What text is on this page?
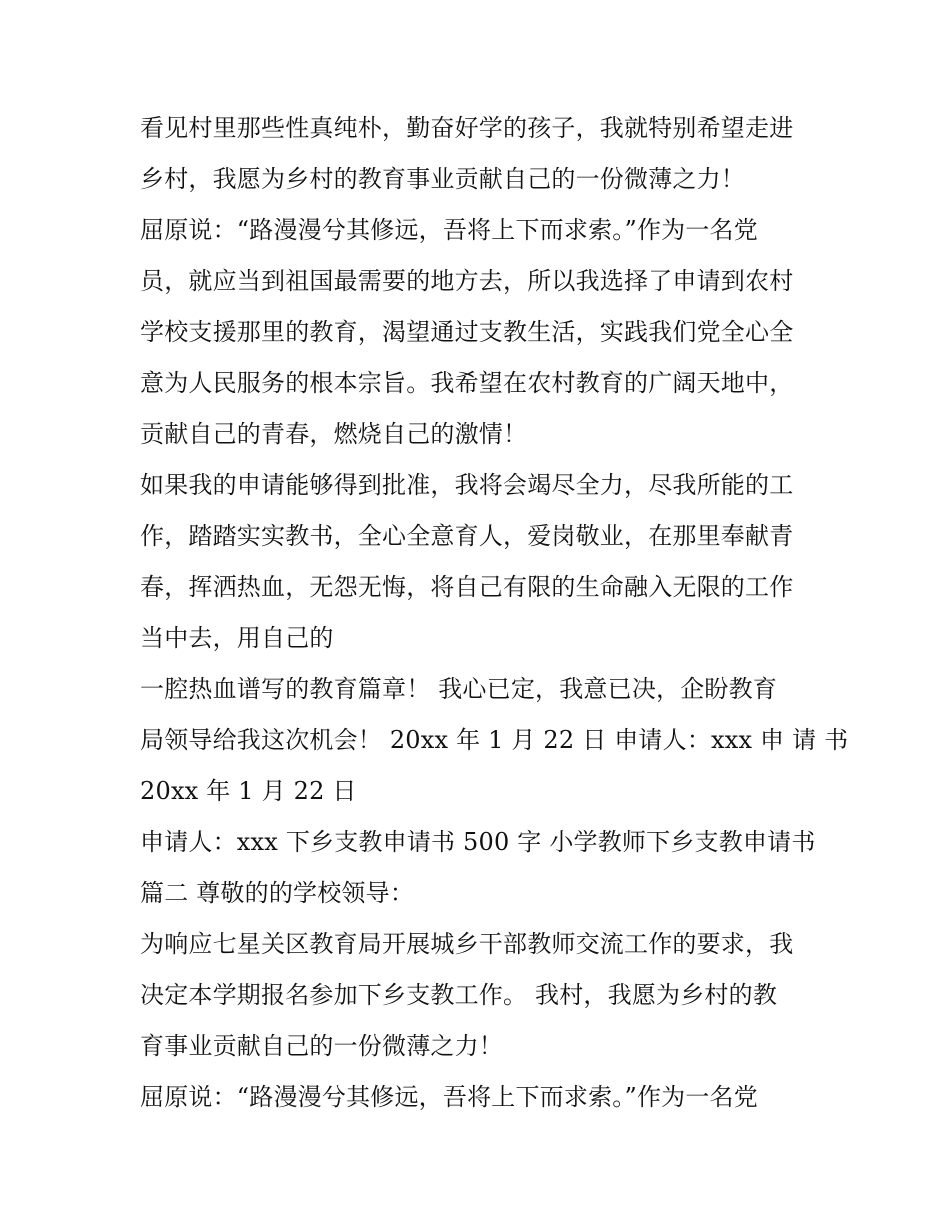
看见村里那些性真纯朴，勤奋好学的孩子，我就特别希望走进
乡村，我愿为乡村的教育事业贡献自己的一份微薄之力！
屈原说：“路漫漫兮其修远，吾将上下而求索。”作为一名党
员，就应当到祖国最需要的地方去，所以我选择了申请到农村
学校支援那里的教育，渴望通过支教生活，实践我们党全心全
意为人民服务的根本宗旨。我希望在农村教育的广阔天地中，
贡献自己的青春，燃烧自己的激情！
如果我的申请能够得到批准，我将会竭尽全力，尽我所能的工
作，踏踏实实教书，全心全意育人，爱岗敬业，在那里奉献青
春，挥洒热血，无怨无悔，将自己有限的生命融入无限的工作
当中去，用自己的
一腔热血谱写的教育篇章！ 我心已定，我意已决，企盼教育
局领导给我这次机会！ 20xx 年 1 月 22 日 申请人：xxx 申 请 书
20xx 年 1 月 22 日
申请人：xxx 下乡支教申请书 500 字 小学教师下乡支教申请书
篇二 尊敬的的学校领导：
为响应七星关区教育局开展城乡干部教师交流工作的要求，我
决定本学期报名参加下乡支教工作。 我村，我愿为乡村的教
育事业贡献自己的一份微薄之力！
屈原说：“路漫漫兮其修远，吾将上下而求索。”作为一名党
